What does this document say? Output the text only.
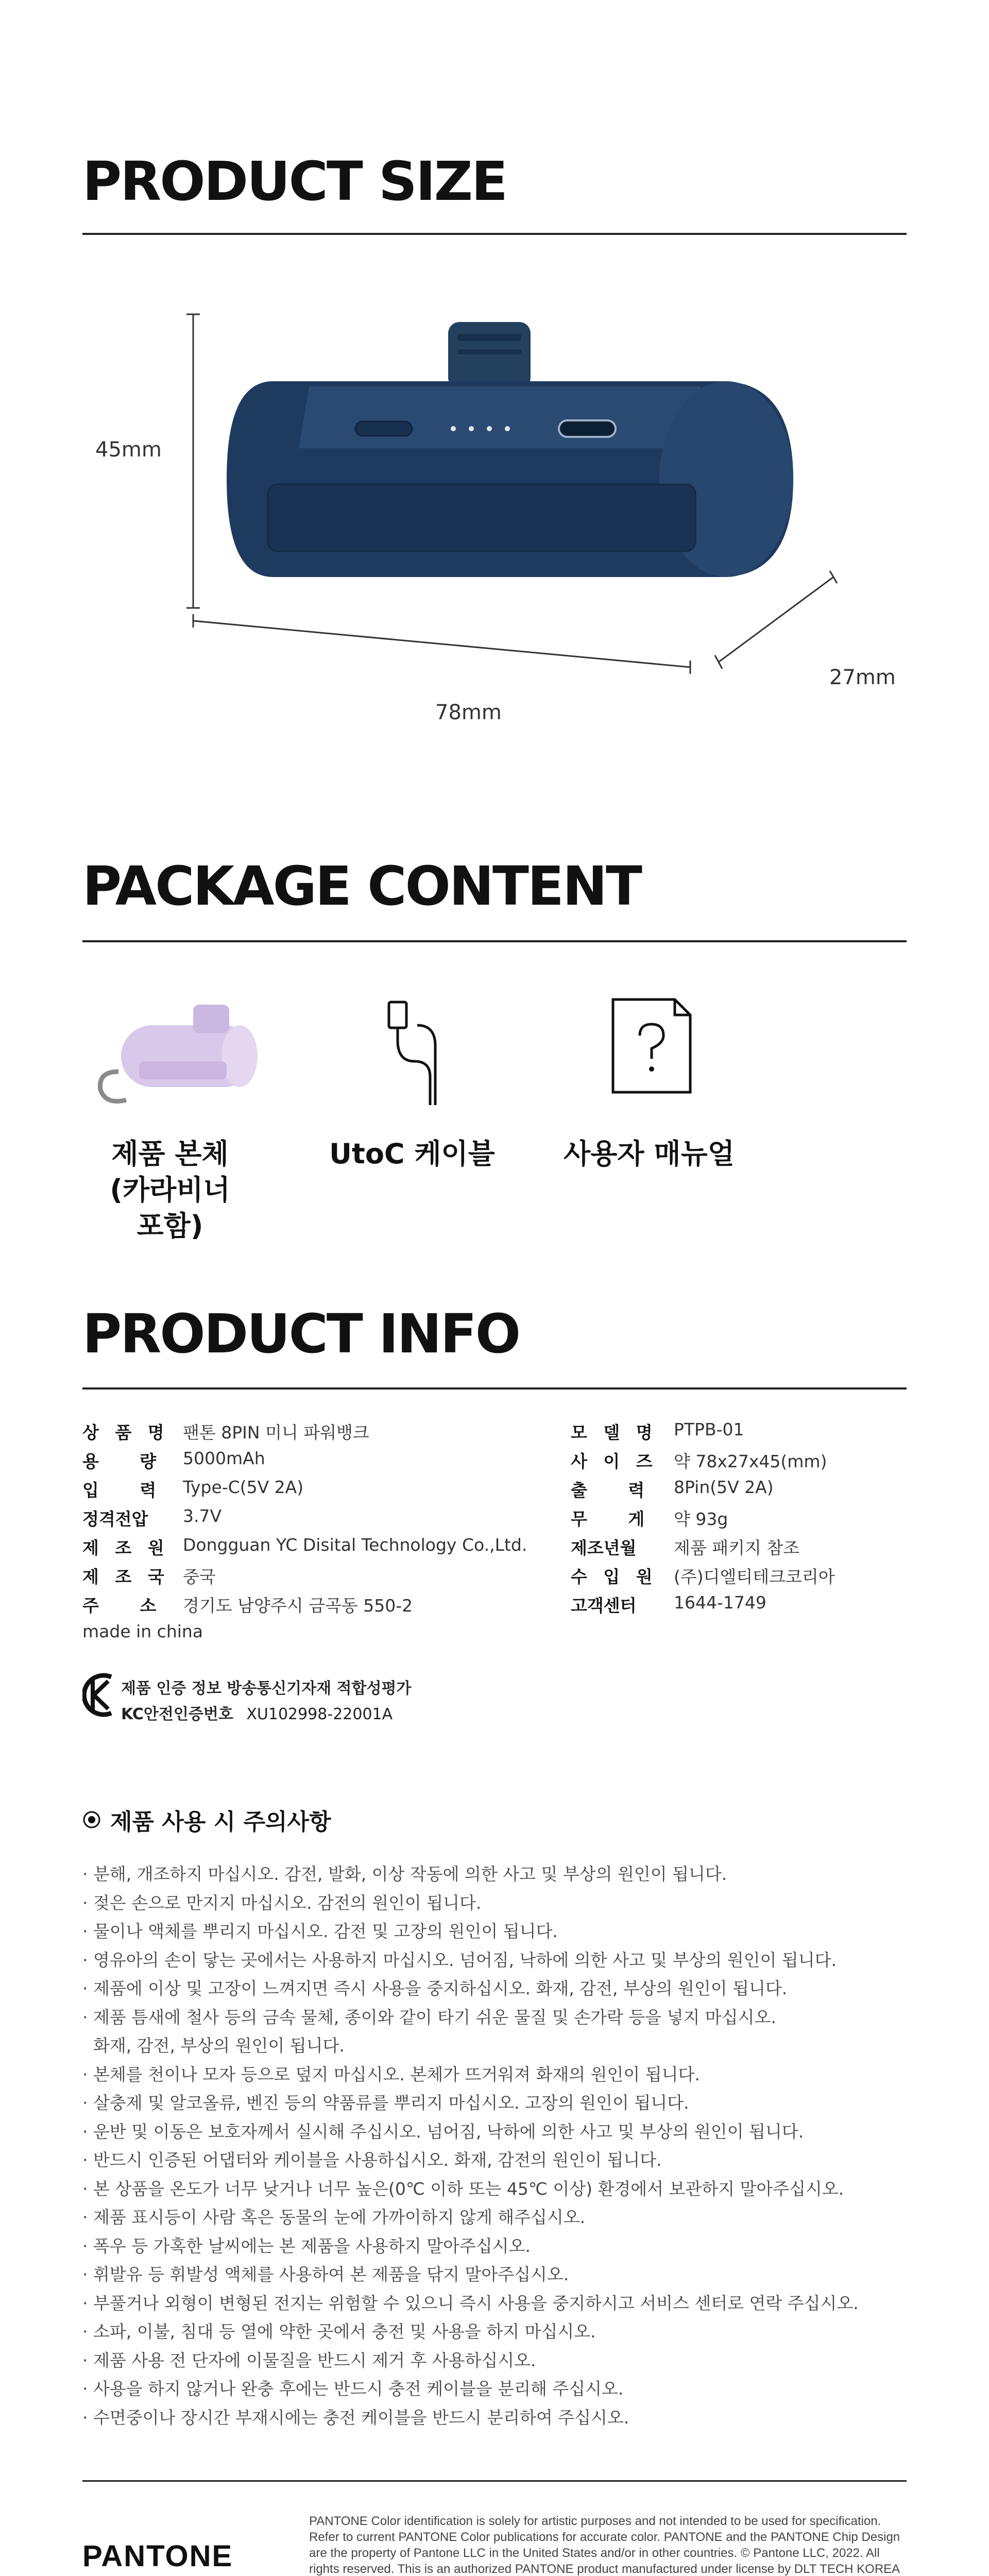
PRODUCT SIZE
45mm
78mm
27mm
PACKAGE CONTENT
제품 본체
(카라비너 포함)
UtoC 케이블 사용자 매뉴얼
PRODUCT INFO
상 품 명 팬톤 8PIN 미니 파워뱅크
용 량 5000mAh
입 력 Type-C(5V 2A)
정격전압 3.7V
제 조 원 Dongguan YC Disital Technology Co.,Ltd.
제 조 국 중국
주 소 경기도 남양주시 금곡동 550-2
made in china
모 델 명 PTPB-01
사 이 즈 약 78x27x45(mm)
출 력 8Pin(5V 2A)
무 게 약 93g
제조년월 제품 패키지 참조
수 입 원 (주)디엘티테크코리아
고객센터 1644-1749
제품 인증 정보 방송통신기자재 적합성평가
KC안전인증번호 XU102998-22001A
제품 사용 시 주의사항
· 분해, 개조하지 마십시오. 감전, 발화, 이상 작동에 의한 사고 및 부상의 원인이 됩니다.
· 젖은 손으로 만지지 마십시오. 감전의 원인이 됩니다.
· 물이나 액체를 뿌리지 마십시오. 감전 및 고장의 원인이 됩니다.
· 영유아의 손이 닿는 곳에서는 사용하지 마십시오. 넘어짐, 낙하에 의한 사고 및 부상의 원인이 됩니다.
· 제품에 이상 및 고장이 느껴지면 즉시 사용을 중지하십시오. 화재, 감전, 부상의 원인이 됩니다.
· 제품 틈새에 철사 등의 금속 물체, 종이와 같이 타기 쉬운 물질 및 손가락 등을 넣지 마십시오.
화재, 감전, 부상의 원인이 됩니다.
· 본체를 천이나 모자 등으로 덮지 마십시오. 본체가 뜨거워져 화재의 원인이 됩니다.
· 살충제 및 알코올류, 벤진 등의 약품류를 뿌리지 마십시오. 고장의 원인이 됩니다.
· 운반 및 이동은 보호자께서 실시해 주십시오. 넘어짐, 낙하에 의한 사고 및 부상의 원인이 됩니다.
· 반드시 인증된 어댑터와 케이블을 사용하십시오. 화재, 감전의 원인이 됩니다.
· 본 상품을 온도가 너무 낮거나 너무 높은(0℃ 이하 또는 45℃ 이상) 환경에서 보관하지 말아주십시오.
· 제품 표시등이 사람 혹은 동물의 눈에 가까이하지 않게 해주십시오.
· 폭우 등 가혹한 날씨에는 본 제품을 사용하지 말아주십시오.
· 휘발유 등 휘발성 액체를 사용하여 본 제품을 닦지 말아주십시오.
· 부풀거나 외형이 변형된 전지는 위험할 수 있으니 즉시 사용을 중지하시고 서비스 센터로 연락 주십시오.
· 소파, 이불, 침대 등 열에 약한 곳에서 충전 및 사용을 하지 마십시오.
· 제품 사용 전 단자에 이물질을 반드시 제거 후 사용하십시오.
· 사용을 하지 않거나 완충 후에는 반드시 충전 케이블을 분리해 주십시오.
· 수면중이나 장시간 부재시에는 충전 케이블을 반드시 분리하여 주십시오.
PANTONE
PANTONE Color identification is solely for artistic purposes and not intended to be used for specification. Refer to current PANTONE Color publications for accurate color. PANTONE and the PANTONE Chip Design are the property of Pantone LLC in the United States and/or in other countries. © Pantone LLC, 2022. All rights reserved. This is an authorized PANTONE product manufactured under license by DLT TECH KOREA
